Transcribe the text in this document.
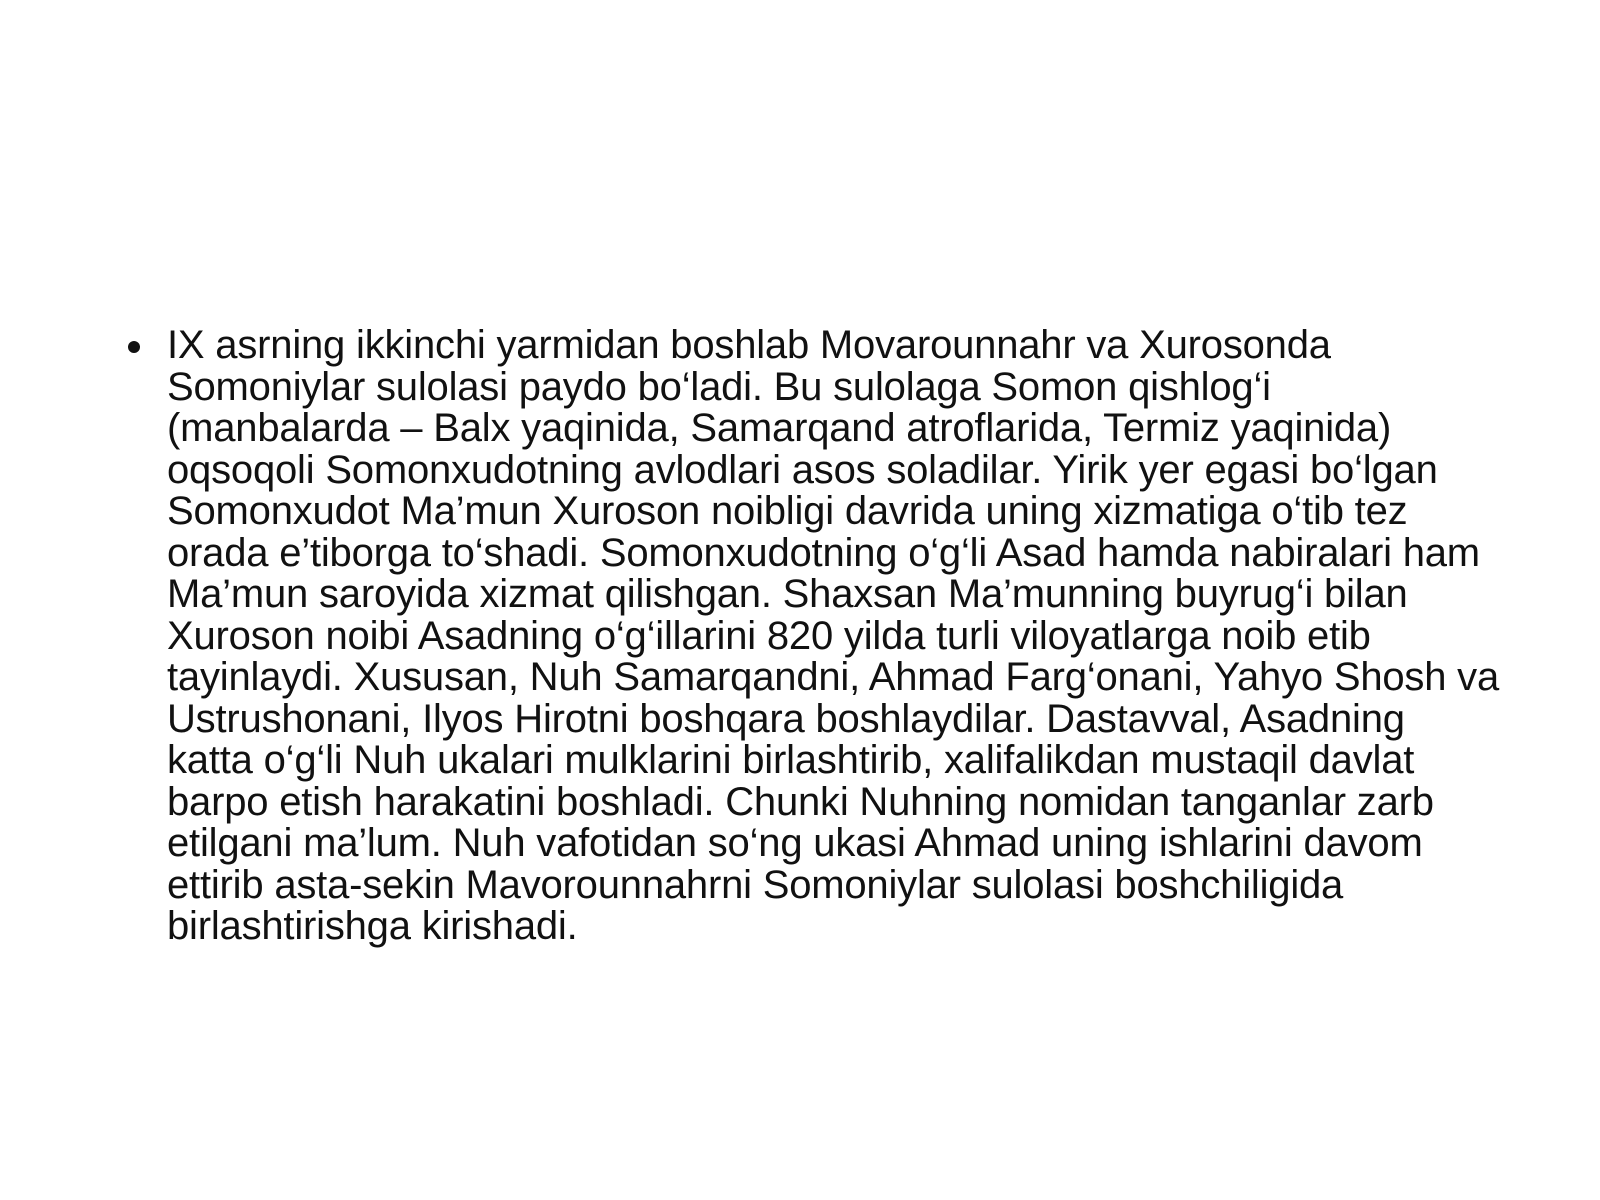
IX asrning ikkinchi yarmidan boshlab Movarounnahr va Xurosonda Somoniylar sulolasi paydo bo‘ladi. Bu sulolaga Somon qishlog‘i (manbalarda – Balx yaqinida, Samarqand atroflarida, Termiz yaqinida) oqsoqoli Somonxudotning avlodlari asos soladilar. Yirik yer egasi bo‘lgan Somonxudot Ma’mun Xuroson noibligi davrida uning xizmatiga o‘tib tez orada e’tiborga to‘shadi. Somonxudotning o‘g‘li Asad hamda nabiralari ham Ma’mun saroyida xizmat qilishgan. Shaxsan Ma’munning buyrug‘i bilan Xuroson noibi Asadning o‘g‘illarini 820 yilda turli viloyatlarga noib etib tayinlaydi. Xususan, Nuh Samarqandni, Ahmad Farg‘onani, Yahyo Shosh va Ustrushonani, Ilyos Hirotni boshqara boshlaydilar. Dastavval, Asadning katta o‘g‘li Nuh ukalari mulklarini birlashtirib, xalifalikdan mustaqil davlat barpo etish harakatini boshladi. Chunki Nuhning nomidan tanganlar zarb etilgani ma’lum. Nuh vafotidan so‘ng ukasi Ahmad uning ishlarini davom ettirib asta-sekin Mavorounnahrni Somoniylar sulolasi boshchiligida birlashtirishga kirishadi.
